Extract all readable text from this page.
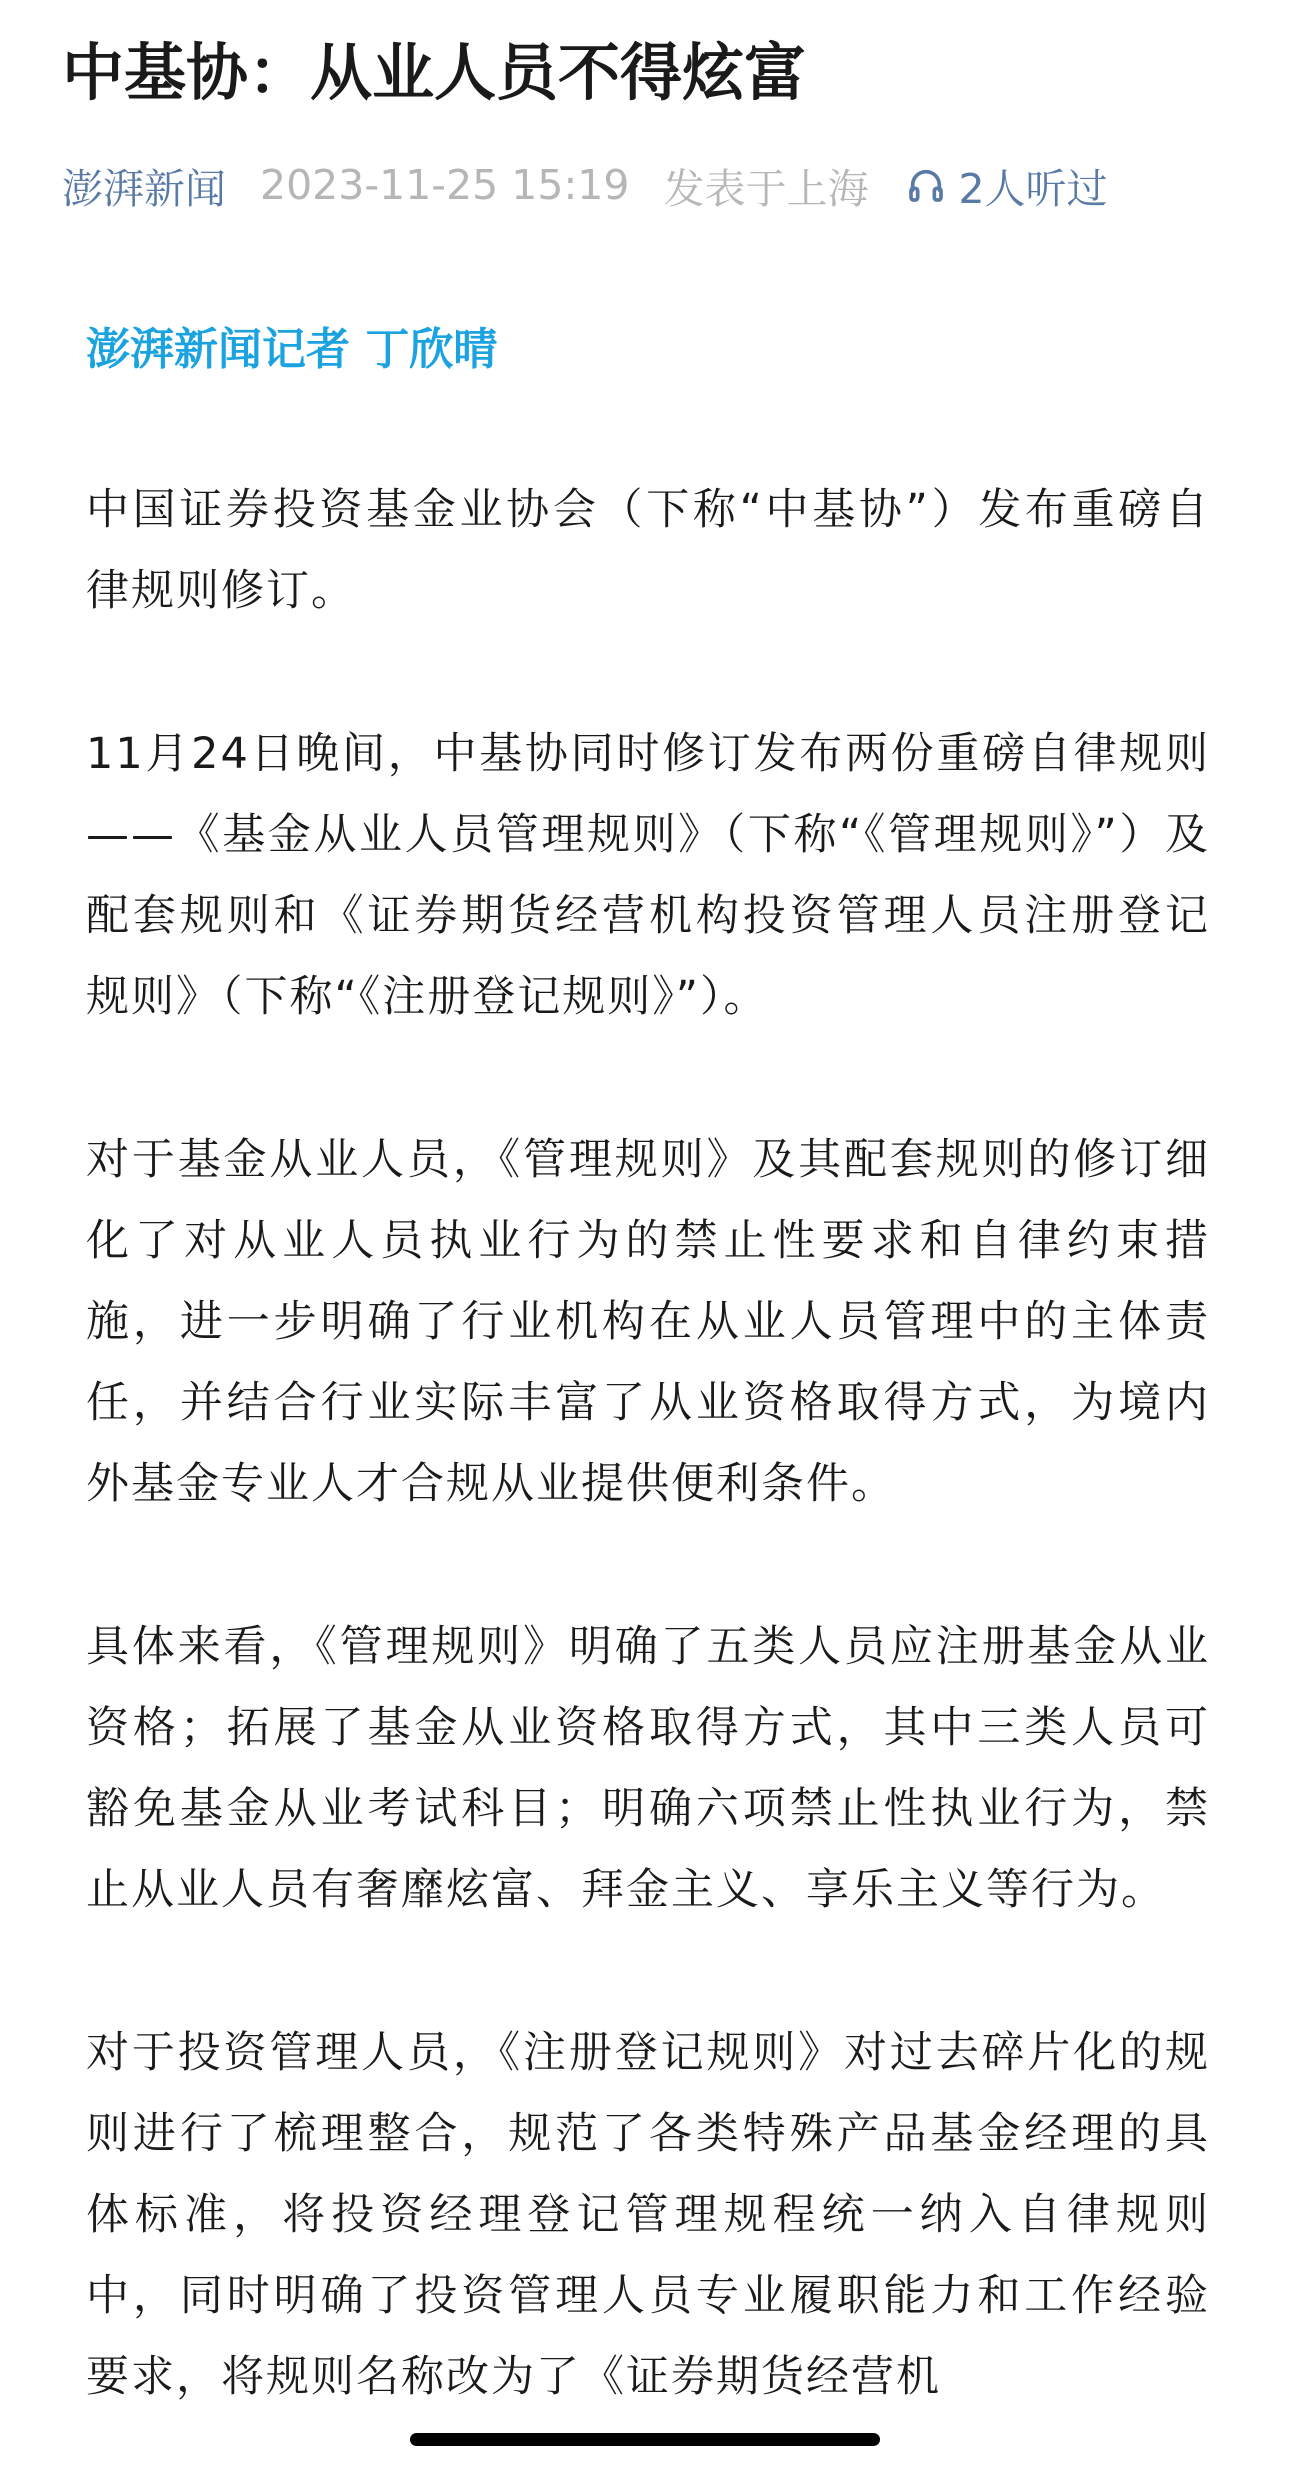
中基协：从业人员不得炫富
澎湃新闻 2023-11-25 15:19 发表于上海 2人听过
澎湃新闻记者 丁欣晴

中国证券投资基金业协会（下称“中基协”）发布重磅自律规则修订。

11月24日晚间，中基协同时修订发布两份重磅自律规则——《基金从业人员管理规则》（下称“《管理规则》”）及配套规则和《证券期货经营机构投资管理人员注册登记规则》（下称“《注册登记规则》”）。

对于基金从业人员，《管理规则》及其配套规则的修订细化了对从业人员执业行为的禁止性要求和自律约束措施，进一步明确了行业机构在从业人员管理中的主体责任，并结合行业实际丰富了从业资格取得方式，为境内外基金专业人才合规从业提供便利条件。

具体来看，《管理规则》明确了五类人员应注册基金从业资格；拓展了基金从业资格取得方式，其中三类人员可豁免基金从业考试科目；明确六项禁止性执业行为，禁止从业人员有奢靡炫富、拜金主义、享乐主义等行为。

对于投资管理人员，《注册登记规则》对过去碎片化的规则进行了梳理整合，规范了各类特殊产品基金经理的具体标准，将投资经理登记管理规程统一纳入自律规则中，同时明确了投资管理人员专业履职能力和工作经验要求，将规则名称改为了《证券期货经营机
